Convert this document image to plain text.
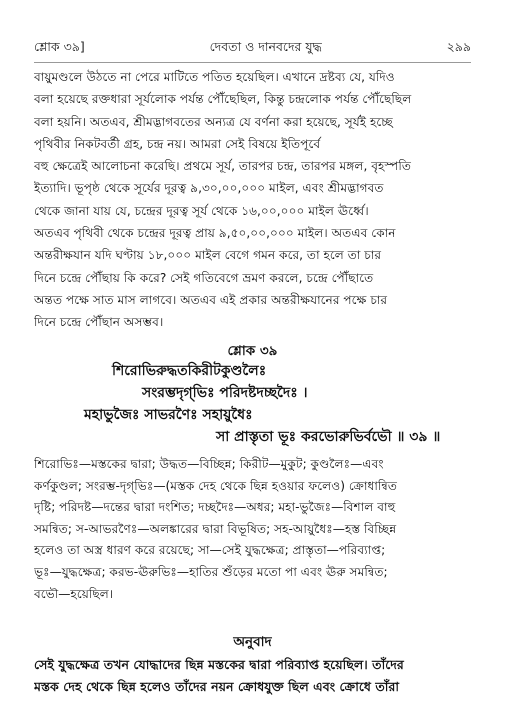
শ্লোক ৩৯]	দেবতা ও দানবদের যুদ্ধ	২৯৯
বায়ুমণ্ডলে উঠতে না পেরে মাটিতে পতিত হয়েছিল। এখানে দ্রষ্টব্য যে, যদিও
বলা হয়েছে রক্তধারা সূর্যলোক পর্যন্ত পৌঁছেছিল, কিন্তু চন্দ্রলোক পর্যন্ত পৌঁছেছিল
বলা হয়নি। অতএব, শ্রীমদ্ভাগবতের অন্যত্র যে বর্ণনা করা হয়েছে, সূর্যই হচ্ছে
পৃথিবীর নিকটবর্তী গ্রহ, চন্দ্র নয়। আমরা সেই বিষয়ে ইতিপূর্বে
বহু ক্ষেত্রেই আলোচনা করেছি। প্রথমে সূর্য, তারপর চন্দ্র, তারপর মঙ্গল, বৃহস্পতি
ইত্যাদি। ভূপৃষ্ঠ থেকে সূর্যের দূরত্ব ৯,৩০,০০,০০০ মাইল, এবং শ্রীমদ্ভাগবত
থেকে জানা যায় যে, চন্দ্রের দূরত্ব সূর্য থেকে ১৬,০০,০০০ মাইল ঊর্ধ্বে।
অতএব পৃথিবী থেকে চন্দ্রের দূরত্ব প্রায় ৯,৫০,০০,০০০ মাইল। অতএব কোন
অন্তরীক্ষযান যদি ঘণ্টায় ১৮,০০০ মাইল বেগে গমন করে, তা হলে তা চার
দিনে চন্দ্রে পৌঁছায় কি করে? সেই গতিবেগে ভ্রমণ করলে, চন্দ্রে পৌঁছাতে
অন্তত পক্ষে সাত মাস লাগবে। অতএব এই প্রকার অন্তরীক্ষযানের পক্ষে চার
দিনে চন্দ্রে পৌঁছান অসম্ভব।
শ্লোক ৩৯
শিরোভিরুদ্ধতকিরীটকুণ্ডলৈঃ
সংরম্ভদৃগ্‌ভিঃ পরিদষ্টদচ্ছদৈঃ ।
মহাভুজৈঃ সাভরণৈঃ সহায়ুধৈঃ
সা প্রাস্তৃতা ভূঃ করভোরুভির্বভৌ ॥ ৩৯ ॥
শিরোভিঃ—মস্তকের দ্বারা; উদ্ধত—বিচ্ছিন্ন; কিরীট—মুকুট; কুণ্ডলৈঃ—এবং
কর্ণকুণ্ডল; সংরম্ভ-দৃগ্‌ভিঃ—(মস্তক দেহ থেকে ছিন্ন হওয়ার ফলেও) ক্রোধান্বিত
দৃষ্টি; পরিদষ্ট—দন্তের দ্বারা দংশিত; দচ্ছদৈঃ—অধর; মহা-ভুজৈঃ—বিশাল বাহু
সমন্বিত; স-আভরণৈঃ—অলঙ্কারের দ্বারা বিভূষিত; সহ-আয়ুধৈঃ—হস্ত বিচ্ছিন্ন
হলেও তা অস্ত্র ধারণ করে রয়েছে; সা—সেই যুদ্ধক্ষেত্র; প্রাস্তৃতা—পরিব্যাপ্ত;
ভূঃ—যুদ্ধক্ষেত্র; করভ-ঊরুভিঃ—হাতির শুঁড়ের মতো পা এবং ঊরু সমন্বিত;
বভৌ—হয়েছিল।
অনুবাদ
সেই যুদ্ধক্ষেত্র তখন যোদ্ধাদের ছিন্ন মস্তকের দ্বারা পরিব্যাপ্ত হয়েছিল। তাঁদের
মস্তক দেহ থেকে ছিন্ন হলেও তাঁদের নয়ন ক্রোধযুক্ত ছিল এবং ক্রোধে তাঁরা
